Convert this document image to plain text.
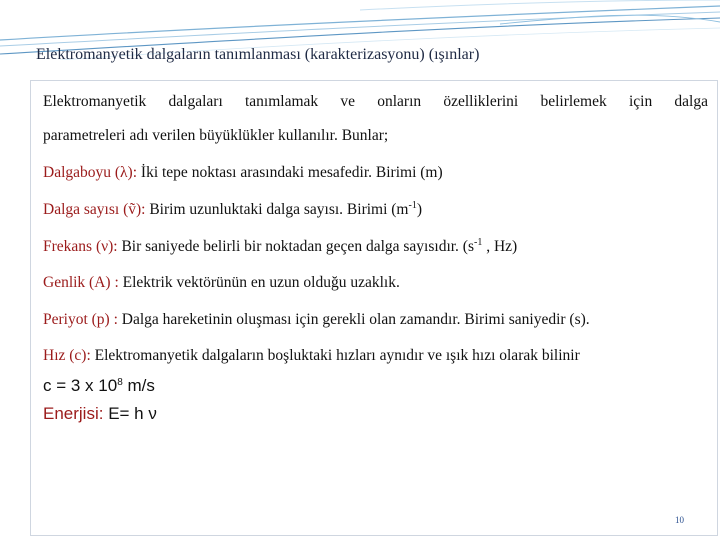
Elektromanyetik dalgaların tanımlanması (karakterizasyonu) (ışınlar)
Elektromanyetik dalgaları tanımlamak ve onların özelliklerini belirlemek için dalga
parametreleri adı verilen büyüklükler kullanılır. Bunlar;
Dalgaboyu (λ): İki tepe noktası arasındaki mesafedir. Birimi (m)
Dalga sayısı (ṽ): Birim uzunluktaki dalga sayısı. Birimi $(m^{-1})$
Frekans (ν): Bir saniyede belirli bir noktadan geçen dalga sayısıdır. ($s^{-1}$ , Hz)
Genlik (A) : Elektrik vektörünün en uzun olduğu uzaklık.
Periyot (p) : Dalga hareketinin oluşması için gerekli olan zamandır. Birimi saniyedir (s).
Hız (c): Elektromanyetik dalgaların boşluktaki hızları aynıdır ve ışık hızı olarak bilinir
c = 3 x $10^8$ m/s
Enerjisi: E= h ν
10
